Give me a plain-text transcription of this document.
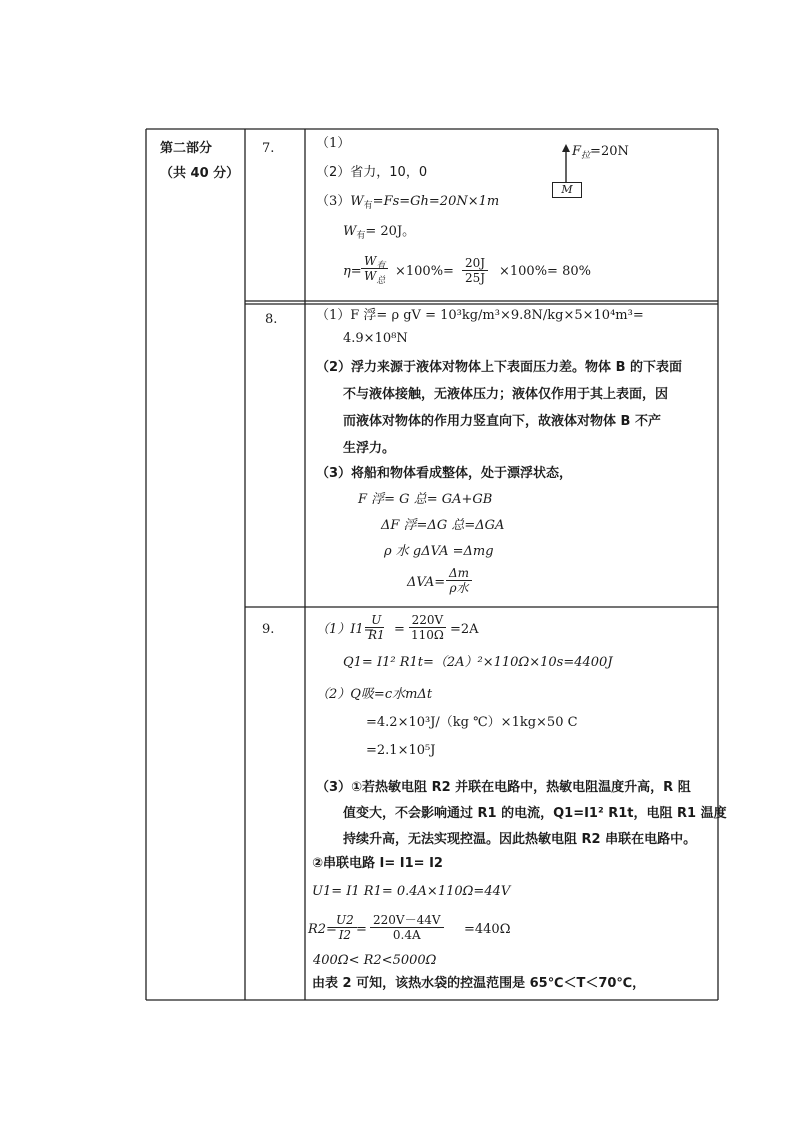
第二部分
（共 40 分）
7.	（1）
$F_拉=20N$
M
（2）省力，10，0
$(3)W_有=Fs=Gh=20N\times 1m$
$W_有= 20J$。
η=
$W_有$
$W_总$
$\times 100\%= \frac{20J}{25J} \times 100\%= 80\%$
8.	（1）F 浮= ρ gV = 10³kg/m³×9.8N/kg×5×10⁴m³=
4.9×10⁸N
（2）浮力来源于液体对物体上下表面压力差。物体 B 的下表面
不与液体接触，无液体压力；液体仅作用于其上表面，因
而液体对物体的作用力竖直向下，故液体对物体 B 不产
生浮力。
（3）将船和物体看成整体，处于漂浮状态，
F 浮= G 总= GA+GB
ΔF 浮=ΔG 总=ΔGA
ρ 水 gΔVA =Δmg
ΔVA=
Δm
ρ水
9.	（1）I1=
$\frac{U}{R1} = \frac{220V}{110\Omega} =2A$
Q1= I1² R1t=（2A）²×110Ω×10s=4400J
（2）Q吸=c水mΔt
=4.2×10³J/（kg ℃）×1kg×50 C
=2.1×10⁵J
（3）①若热敏电阻 R2 并联在电路中，热敏电阻温度升高，R 阻
值变大，不会影响通过 R1 的电流，Q1=I1² R1t，电阻 R1 温度
持续升高，无法实现控温。因此热敏电阻 R2 串联在电路中。
②串联电路 I= I1= I2
U1= I1 R1= 0.4A×110Ω=44V
R2=
$\frac{U2}{I2} = \frac{220V-44V}{0.4A} =440\Omega$
400Ω< R2<5000Ω
由表 2 可知，该热水袋的控温范围是 65℃＜T＜70℃，
